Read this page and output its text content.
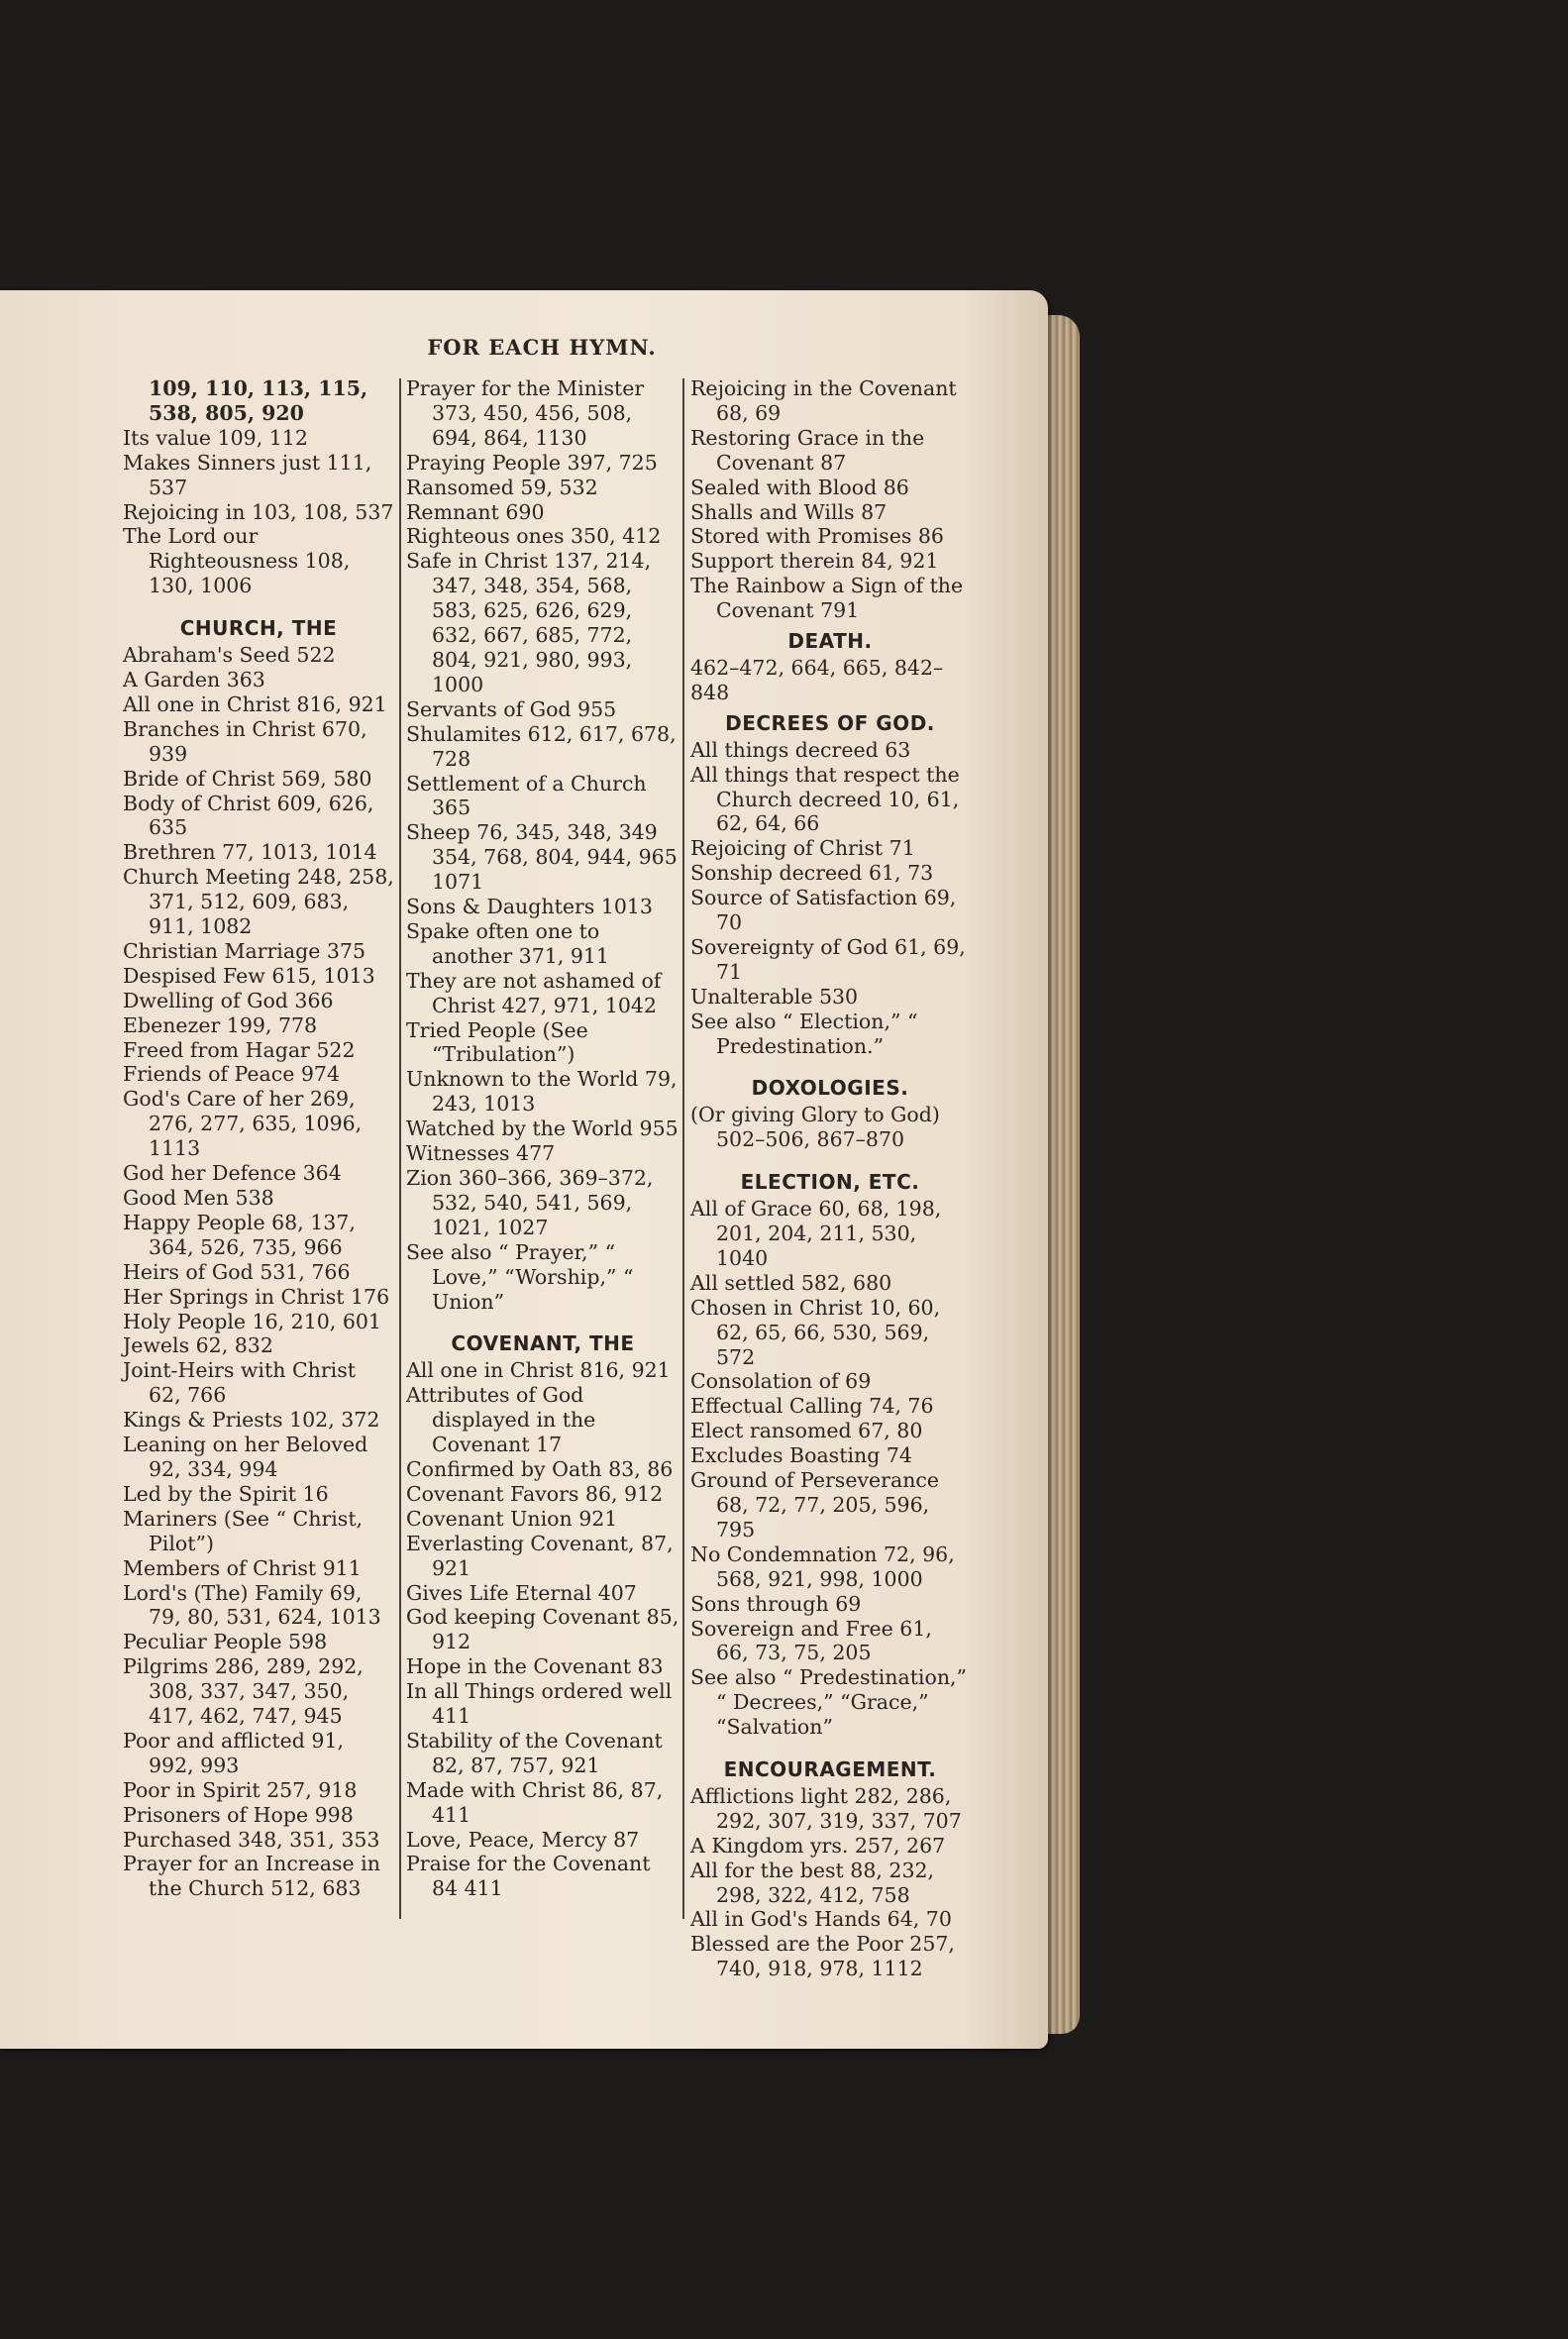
FOR EACH HYMN.
109, 110, 113, 115, 538, 805, 920
Its value 109, 112
Makes Sinners just 111, 537
Rejoicing in 103, 108, 537
The Lord our Righteousness 108, 130, 1006
CHURCH, THE
Abraham's Seed 522
A Garden 363
All one in Christ 816, 921
Branches in Christ 670, 939
Bride of Christ 569, 580
Body of Christ 609, 626, 635
Brethren 77, 1013, 1014
Church Meeting 248, 258, 371, 512, 609, 683, 911, 1082
Christian Marriage 375
Despised Few 615, 1013
Dwelling of God 366
Ebenezer 199, 778
Freed from Hagar 522
Friends of Peace 974
God's Care of her 269, 276, 277, 635, 1096, 1113
God her Defence 364
Good Men 538
Happy People 68, 137, 364, 526, 735, 966
Heirs of God 531, 766
Her Springs in Christ 176
Holy People 16, 210, 601
Jewels 62, 832
Joint-Heirs with Christ 62, 766
Kings & Priests 102, 372
Leaning on her Beloved 92, 334, 994
Led by the Spirit 16
Mariners (See “ Christ, Pilot”)
Members of Christ 911
Lord's (The) Family 69, 79, 80, 531, 624, 1013
Peculiar People 598
Pilgrims 286, 289, 292, 308, 337, 347, 350, 417, 462, 747, 945
Poor and afflicted 91, 992, 993
Poor in Spirit 257, 918
Prisoners of Hope 998
Purchased 348, 351, 353
Prayer for an Increase in the Church 512, 683
Prayer for the Minister 373, 450, 456, 508, 694, 864, 1130
Praying People 397, 725
Ransomed 59, 532
Remnant 690
Righteous ones 350, 412
Safe in Christ 137, 214, 347, 348, 354, 568, 583, 625, 626, 629, 632, 667, 685, 772, 804, 921, 980, 993, 1000
Servants of God 955
Shulamites 612, 617, 678, 728
Settlement of a Church 365
Sheep 76, 345, 348, 349 354, 768, 804, 944, 965 1071
Sons & Daughters 1013
Spake often one to another 371, 911
They are not ashamed of Christ 427, 971, 1042
Tried People (See “Tribulation”)
Unknown to the World 79, 243, 1013
Watched by the World 955
Witnesses 477
Zion 360–366, 369–372, 532, 540, 541, 569, 1021, 1027
See also “ Prayer,” “ Love,” “Worship,” “ Union”
COVENANT, THE
All one in Christ 816, 921
Attributes of God displayed in the Covenant 17
Confirmed by Oath 83, 86
Covenant Favors 86, 912
Covenant Union 921
Everlasting Covenant, 87, 921
Gives Life Eternal 407
God keeping Covenant 85, 912
Hope in the Covenant 83
In all Things ordered well 411
Stability of the Covenant 82, 87, 757, 921
Made with Christ 86, 87, 411
Love, Peace, Mercy 87
Praise for the Covenant 84 411
Rejoicing in the Covenant 68, 69
Restoring Grace in the Covenant 87
Sealed with Blood 86
Shalls and Wills 87
Stored with Promises 86
Support therein 84, 921
The Rainbow a Sign of the Covenant 791
DEATH.
462–472, 664, 665, 842–848
DECREES OF GOD.
All things decreed 63
All things that respect the Church decreed 10, 61, 62, 64, 66
Rejoicing of Christ 71
Sonship decreed 61, 73
Source of Satisfaction 69, 70
Sovereignty of God 61, 69, 71
Unalterable 530
See also “ Election,” “ Predestination.”
DOXOLOGIES.
(Or giving Glory to God) 502–506, 867–870
ELECTION, ETC.
All of Grace 60, 68, 198, 201, 204, 211, 530, 1040
All settled 582, 680
Chosen in Christ 10, 60, 62, 65, 66, 530, 569, 572
Consolation of 69
Effectual Calling 74, 76
Elect ransomed 67, 80
Excludes Boasting 74
Ground of Perseverance 68, 72, 77, 205, 596, 795
No Condemnation 72, 96, 568, 921, 998, 1000
Sons through 69
Sovereign and Free 61, 66, 73, 75, 205
See also “ Predestination,” “ Decrees,” “Grace,” “Salvation”
ENCOURAGEMENT.
Afflictions light 282, 286, 292, 307, 319, 337, 707
A Kingdom yrs. 257, 267
All for the best 88, 232, 298, 322, 412, 758
All in God's Hands 64, 70
Blessed are the Poor 257, 740, 918, 978, 1112
